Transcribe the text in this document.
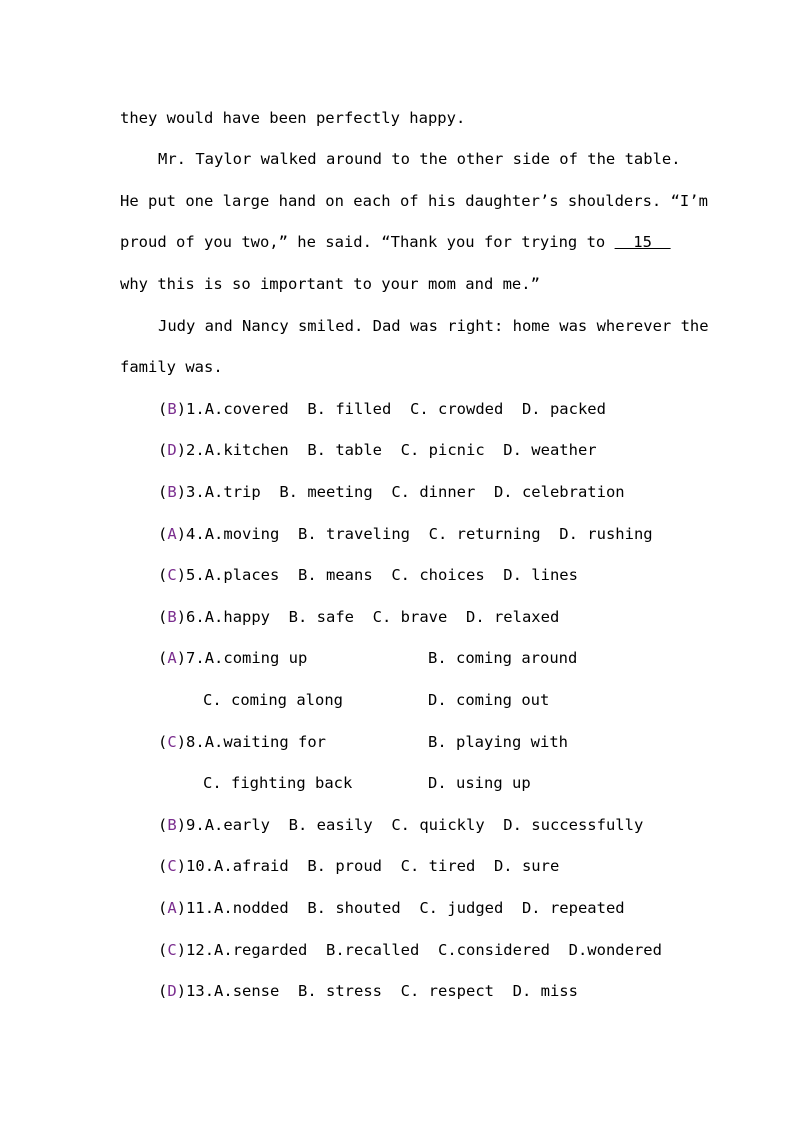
they would have been perfectly happy.
Mr. Taylor walked around to the other side of the table.
He put one large hand on each of his daughter’s shoulders. “I’m
proud of you two,” he said. “Thank you for trying to   15
why this is so important to your mom and me.”
Judy and Nancy smiled. Dad was right: home was wherever the
family was.
(B)1.A.covered  B. filled  C. crowded  D. packed
(D)2.A.kitchen  B. table  C. picnic  D. weather
(B)3.A.trip  B. meeting  C. dinner  D. celebration
(A)4.A.moving  B. traveling  C. returning  D. rushing
(C)5.A.places  B. means  C. choices  D. lines
(B)6.A.happy  B. safe  C. brave  D. relaxed
(A)7.A.coming up	B. coming around
C. coming along	D. coming out
(C)8.A.waiting for	B. playing with
C. fighting back	D. using up
(B)9.A.early  B. easily  C. quickly  D. successfully
(C)10.A.afraid  B. proud  C. tired  D. sure
(A)11.A.nodded  B. shouted  C. judged  D. repeated
(C)12.A.regarded  B.recalled  C.considered  D.wondered
(D)13.A.sense  B. stress  C. respect  D. miss
